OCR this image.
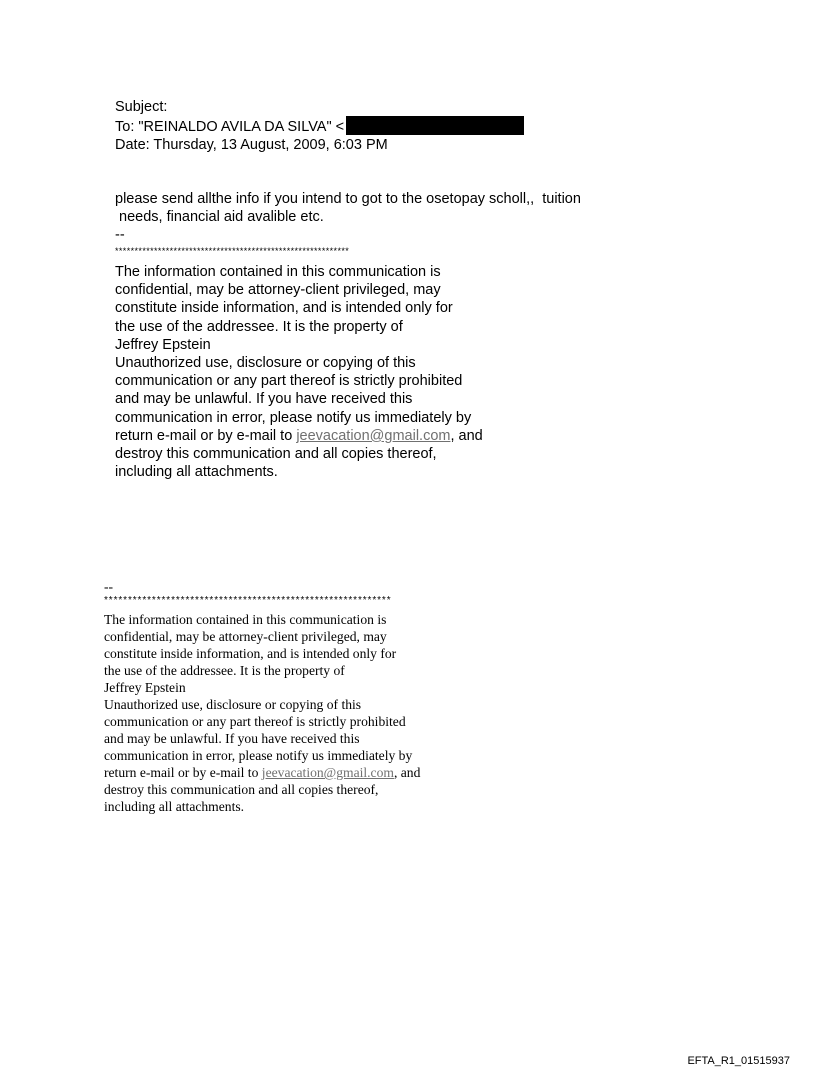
Subject:
To: "REINALDO AVILA DA SILVA" <
Date: Thursday, 13 August, 2009, 6:03 PM
please send allthe info if you intend to got to the osetopay scholl,,  tuition
needs, financial aid avalible etc.
--
************************************************************
The information contained in this communication is
confidential, may be attorney-client privileged, may
constitute inside information, and is intended only for
the use of the addressee. It is the property of
Jeffrey Epstein
Unauthorized use, disclosure or copying of this
communication or any part thereof is strictly prohibited
and may be unlawful. If you have received this
communication in error, please notify us immediately by
return e-mail or by e-mail to jeevacation@gmail.com, and
destroy this communication and all copies thereof,
including all attachments.
--
************************************************************
The information contained in this communication is
confidential, may be attorney-client privileged, may
constitute inside information, and is intended only for
the use of the addressee. It is the property of
Jeffrey Epstein
Unauthorized use, disclosure or copying of this
communication or any part thereof is strictly prohibited
and may be unlawful. If you have received this
communication in error, please notify us immediately by
return e-mail or by e-mail to jeevacation@gmail.com, and
destroy this communication and all copies thereof,
including all attachments.
EFTA_R1_01515937
